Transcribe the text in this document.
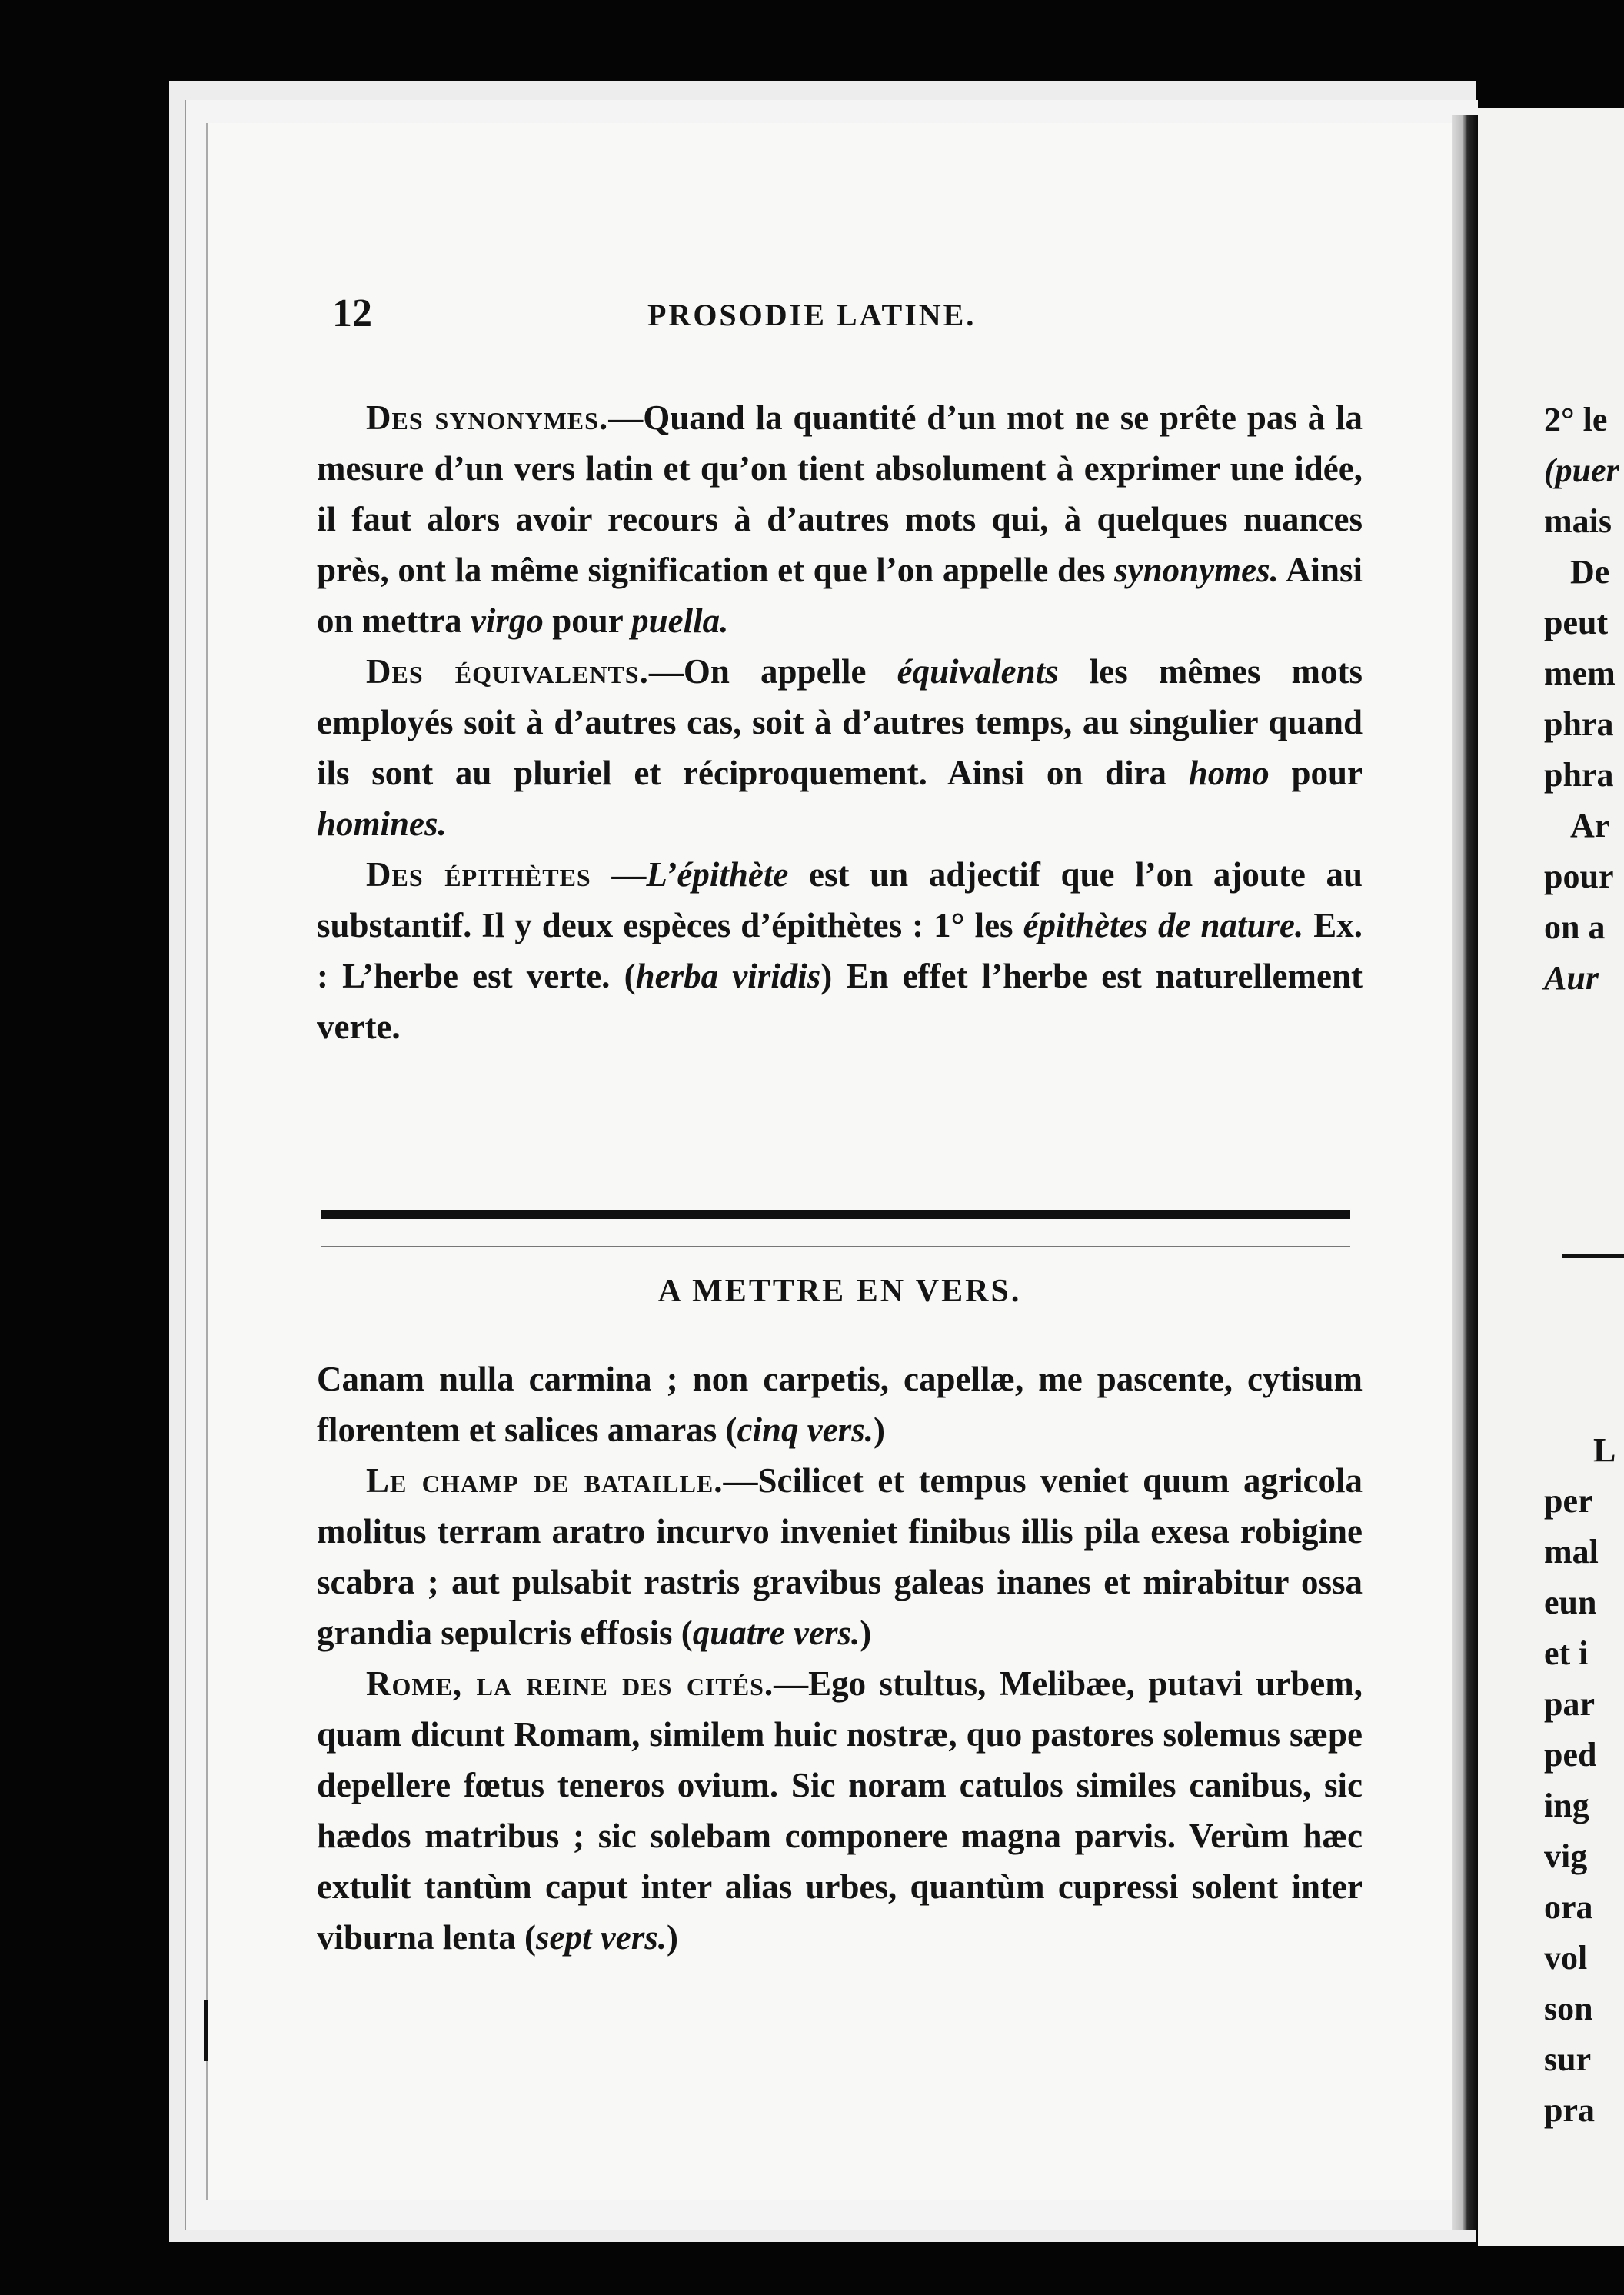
12	PROSODIE LATINE.

Des synonymes.—Quand la quantité d’un mot ne se prête pas à la mesure d’un vers latin et qu’on tient absolument à exprimer une idée, il faut alors avoir recours à d’autres mots qui, à quelques nuances près, ont la même signification et que l’on appelle des synonymes. Ainsi on mettra virgo pour puella.

Des équivalents.—On appelle équivalents les mêmes mots employés soit à d’autres cas, soit à d’autres temps, au singulier quand ils sont au pluriel et réciproquement. Ainsi on dira homo pour homines.

Des épithètes —L’épithète est un adjectif que l’on ajoute au substantif. Il y deux espèces d’épithètes : 1° les épithètes de nature. Ex. : L’herbe est verte. (herba viridis) En effet l’herbe est naturellement verte.

A METTRE EN VERS.

Canam nulla carmina ; non carpetis, capellæ, me pascente, cytisum florentem et salices amaras (cinq vers.)

Le champ de bataille.—Scilicet et tempus veniet quum agricola molitus terram aratro incurvo inveniet finibus illis pila exesa robigine scabra ; aut pulsabit rastris gravibus galeas inanes et mirabitur ossa grandia sepulcris effosis (quatre vers.)

Rome, la reine des cités.—Ego stultus, Melibæe, putavi urbem, quam dicunt Romam, similem huic nostræ, quo pastores solemus sæpe depellere fœtus teneros ovium. Sic noram catulos similes canibus, sic hædos matribus ; sic solebam componere magna parvis. Verùm hæc extulit tantùm caput inter alias urbes, quantùm cupressi solent inter viburna lenta (sept vers.)

2° le
(puer
mais
De
peut
mem
phra
phra
Ar
pour
on a
Aur
L
per
mal
eun
et i
par
ped
ing
vig
ora
vol
son
sur
pra
